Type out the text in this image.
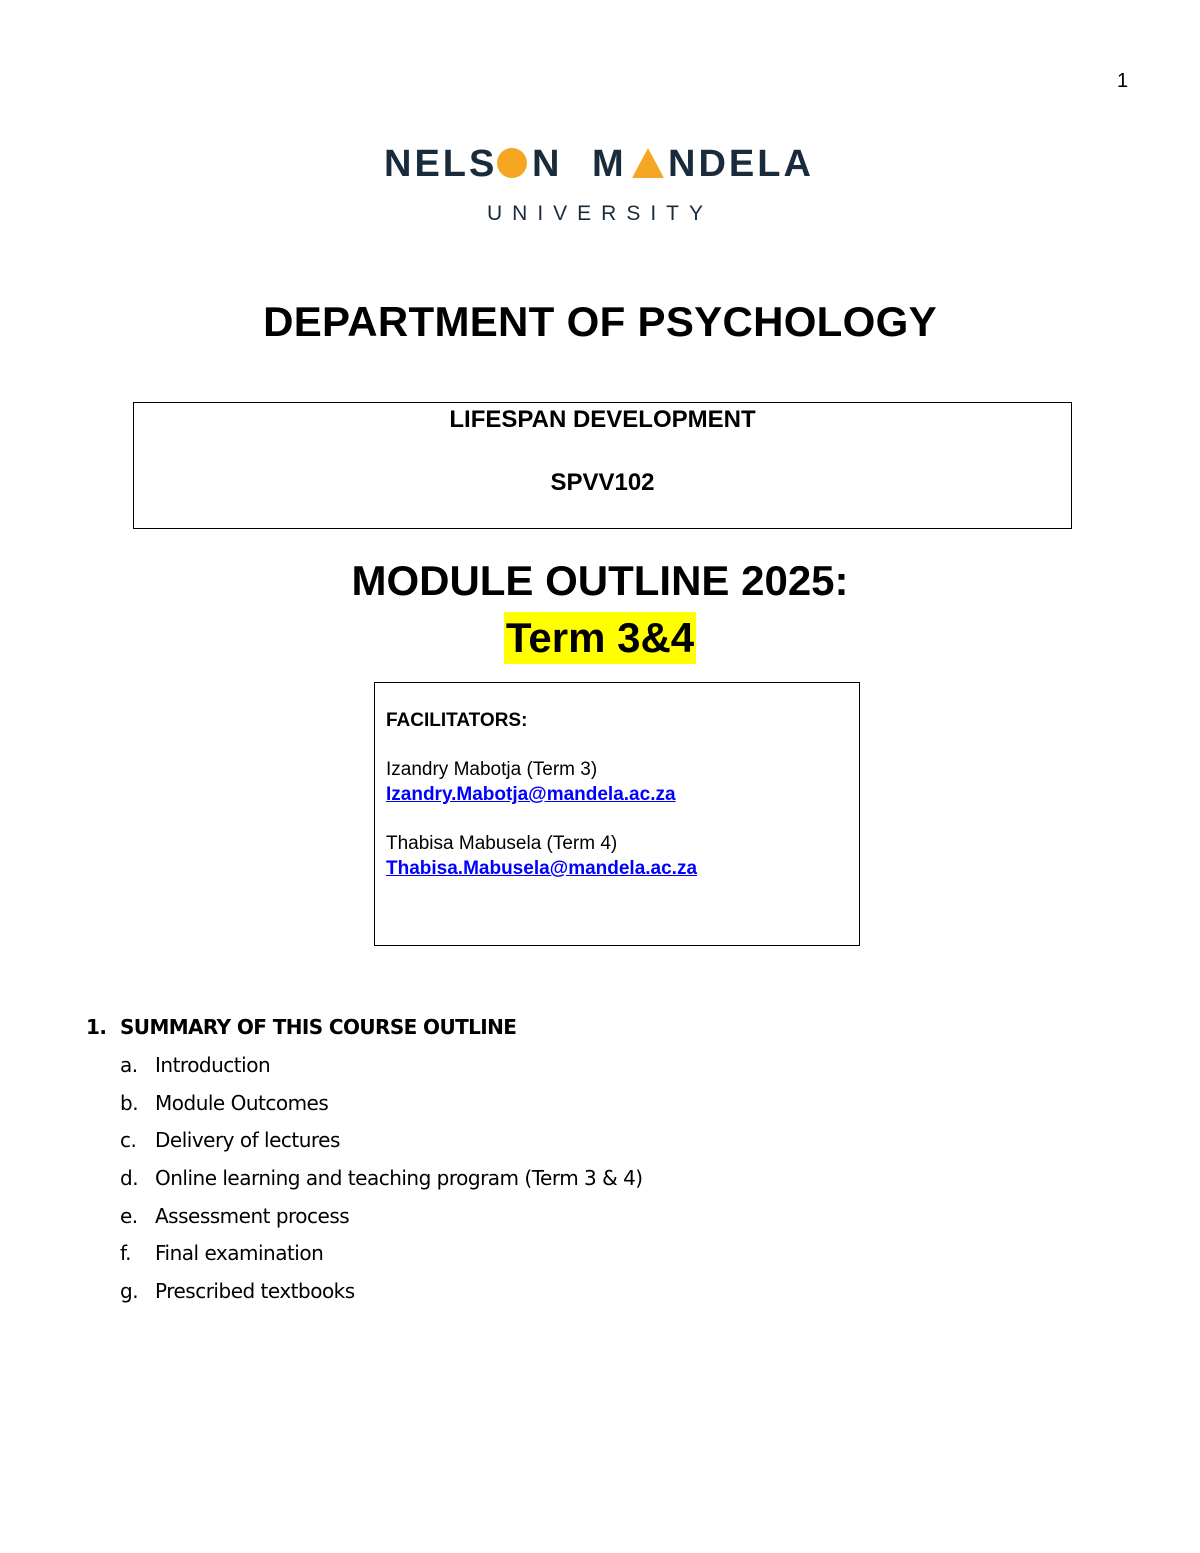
1
NELS N M NDELA
UNIVERSITY
DEPARTMENT OF PSYCHOLOGY
LIFESPAN DEVELOPMENT
SPVV102
MODULE OUTLINE 2025:
Term 3&4
FACILITATORS:
Izandry Mabotja (Term 3)
Izandry.Mabotja@mandela.ac.za
Thabisa Mabusela (Term 4)
Thabisa.Mabusela@mandela.ac.za
1. SUMMARY OF THIS COURSE OUTLINE
a. Introduction
b. Module Outcomes
c. Delivery of lectures
d. Online learning and teaching program (Term 3 & 4)
e. Assessment process
f. Final examination
g. Prescribed textbooks
